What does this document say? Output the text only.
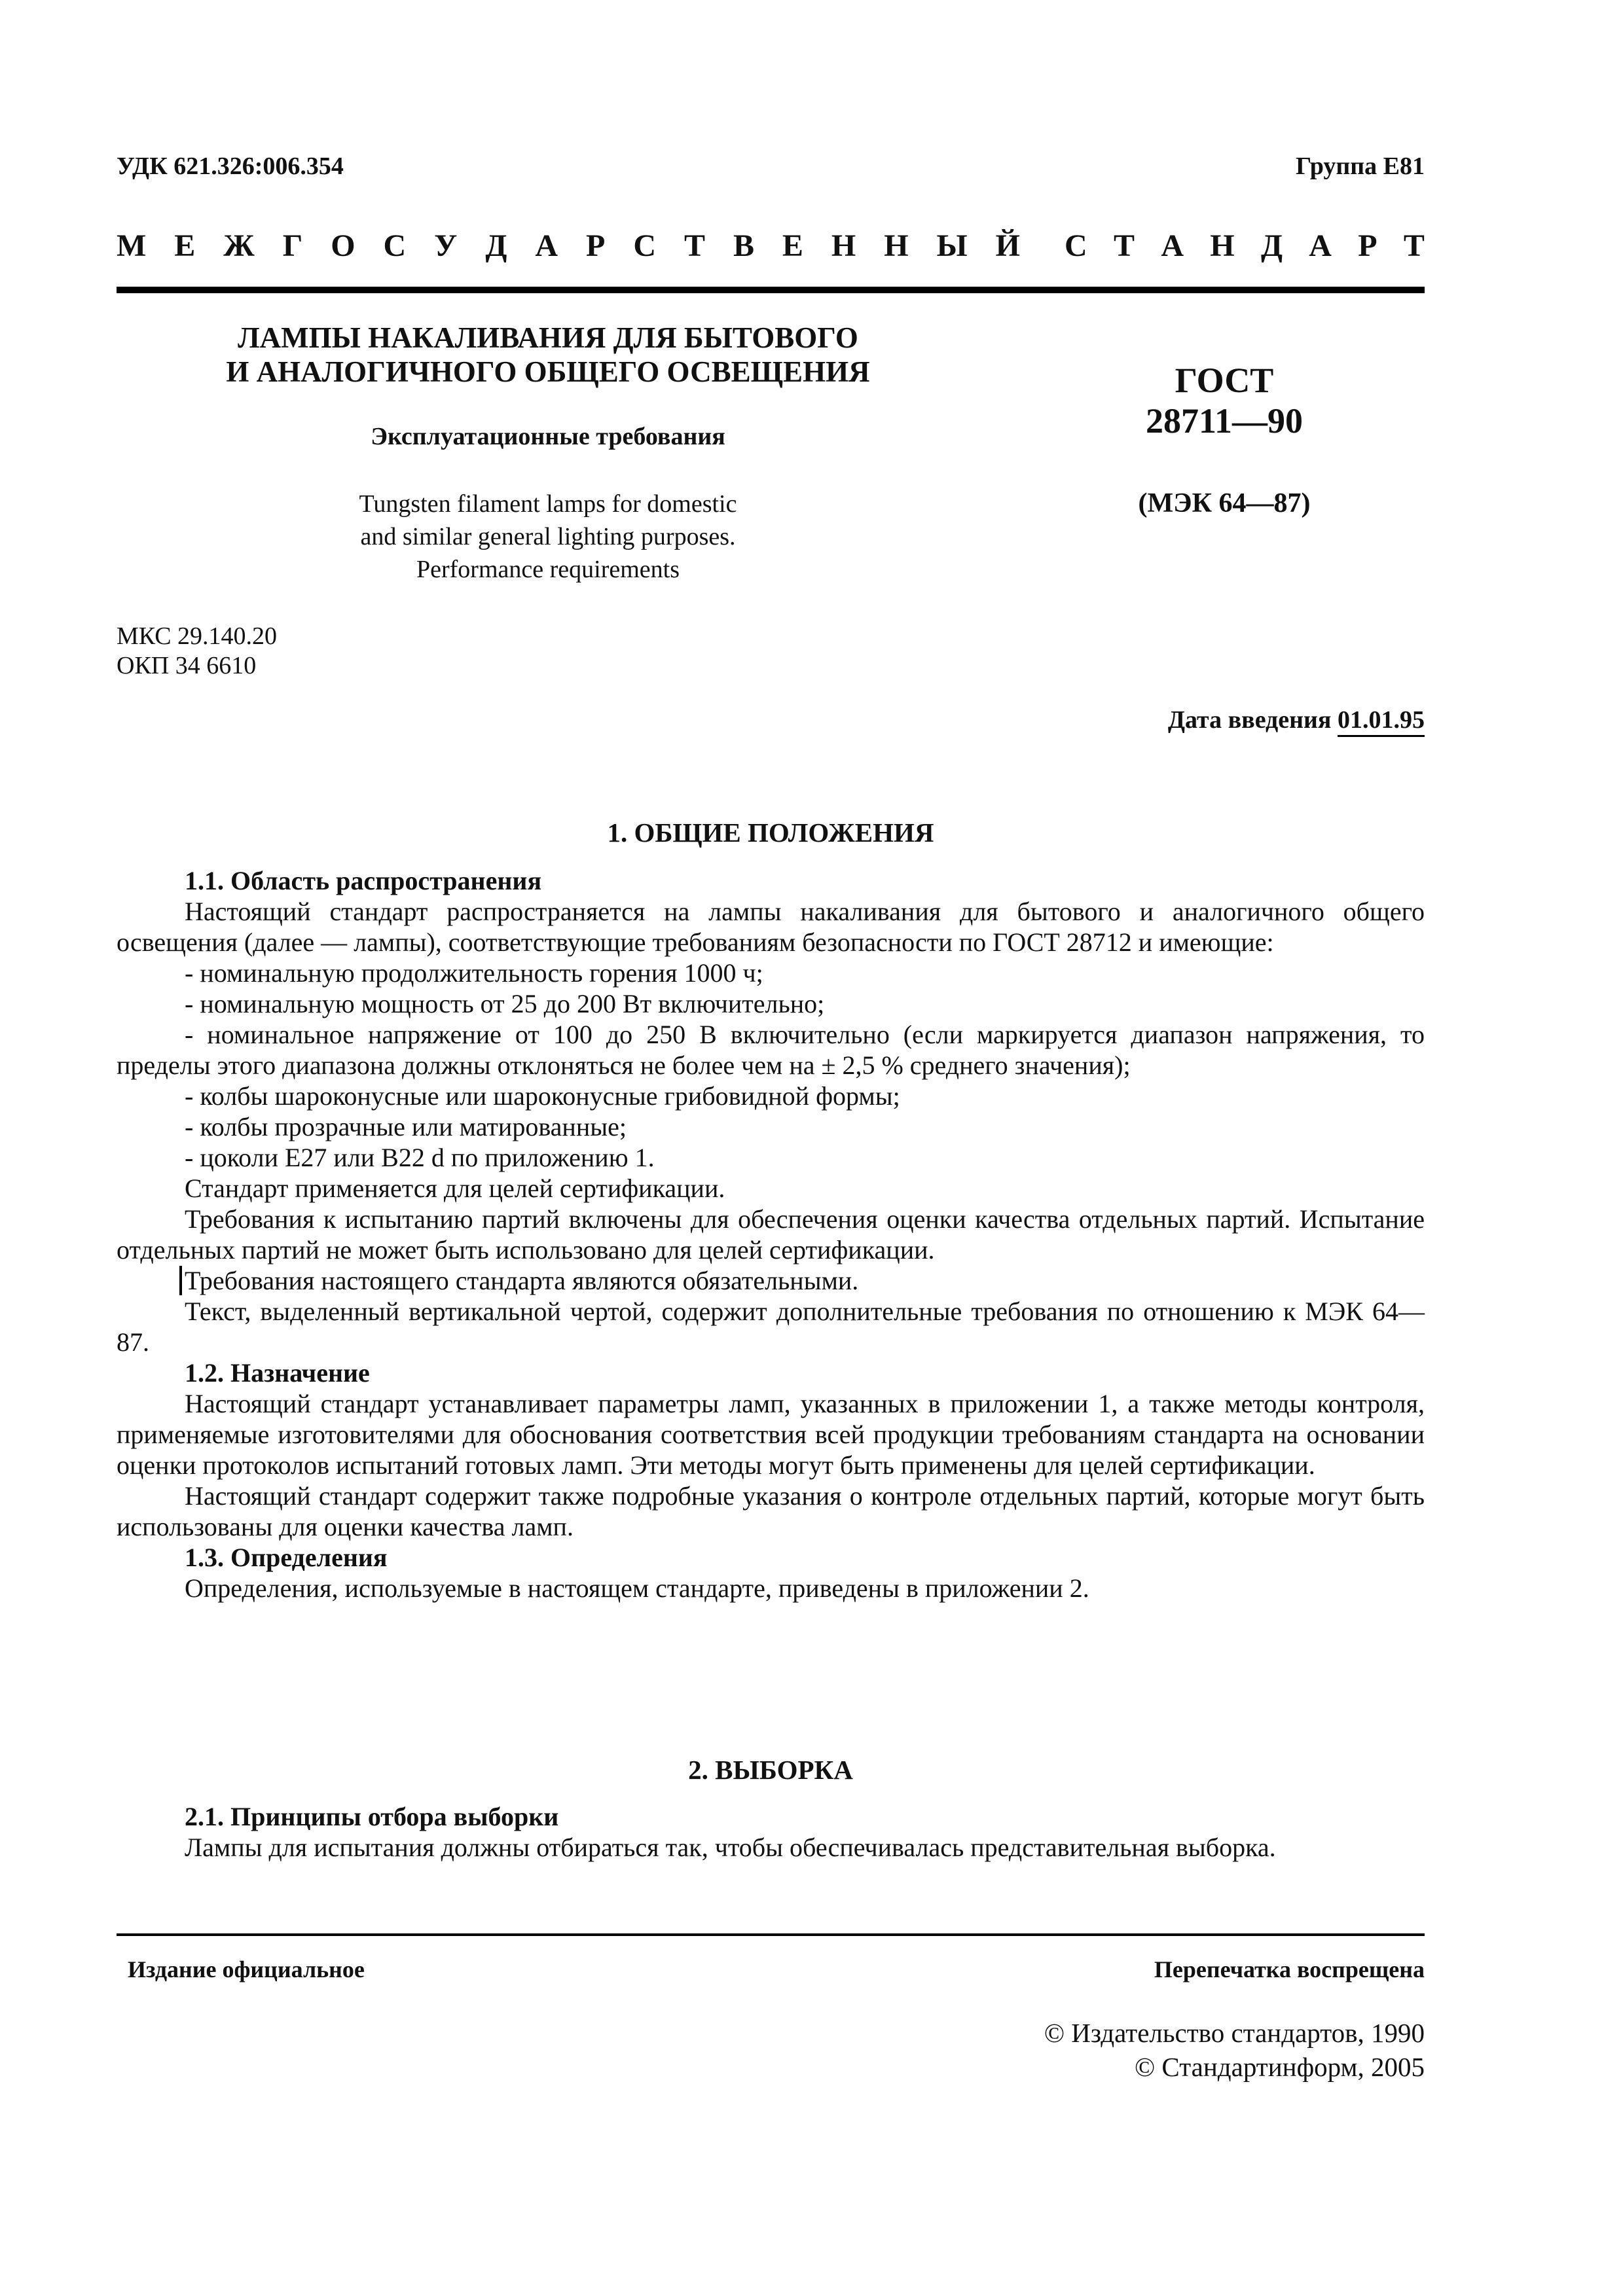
УДК 621.326:006.354	Группа Е81
М Е Ж Г О С У Д А Р С Т В Е Н Н Ы Й С Т А Н Д А Р Т
ЛАМПЫ НАКАЛИВАНИЯ ДЛЯ БЫТОВОГО
И АНАЛОГИЧНОГО ОБЩЕГО ОСВЕЩЕНИЯ
Эксплуатационные требования
Tungsten filament lamps for domestic
and similar general lighting purposes.
Performance requirements
ГОСТ
28711—90
(МЭК 64—87)
МКС 29.140.20
ОКП 34 6610
Дата введения 01.01.95
1. ОБЩИЕ ПОЛОЖЕНИЯ

1.1. Область распространения

Настоящий стандарт распространяется на лампы накаливания для бытового и аналогичного общего освещения (далее — лампы), соответствующие требованиям безопасности по ГОСТ 28712 и имеющие:

- номинальную продолжительность горения 1000 ч;

- номинальную мощность от 25 до 200 Вт включительно;

- номинальное напряжение от 100 до 250 В включительно (если маркируется диапазон напряжения, то пределы этого диапазона должны отклоняться не более чем на ± 2,5 % среднего значения);

- колбы шароконусные или шароконусные грибовидной формы;

- колбы прозрачные или матированные;

- цоколи Е27 или В22 d по приложению 1.

Стандарт применяется для целей сертификации.

Требования к испытанию партий включены для обеспечения оценки качества отдельных партий. Испытание отдельных партий не может быть использовано для целей сертификации.

Требования настоящего стандарта являются обязательными.

Текст, выделенный вертикальной чертой, содержит дополнительные требования по отношению к МЭК 64—87.

1.2. Назначение

Настоящий стандарт устанавливает параметры ламп, указанных в приложении 1, а также методы контроля, применяемые изготовителями для обоснования соответствия всей продукции требованиям стандарта на основании оценки протоколов испытаний готовых ламп. Эти методы могут быть применены для целей сертификации.

Настоящий стандарт содержит также подробные указания о контроле отдельных партий, которые могут быть использованы для оценки качества ламп.

1.3. Определения

Определения, используемые в настоящем стандарте, приведены в приложении 2.

2. ВЫБОРКА

2.1. Принципы отбора выборки

Лампы для испытания должны отбираться так, чтобы обеспечивалась представительная выборка.

Издание официальное	Перепечатка воспрещена
© Издательство стандартов, 1990
© Стандартинформ, 2005
